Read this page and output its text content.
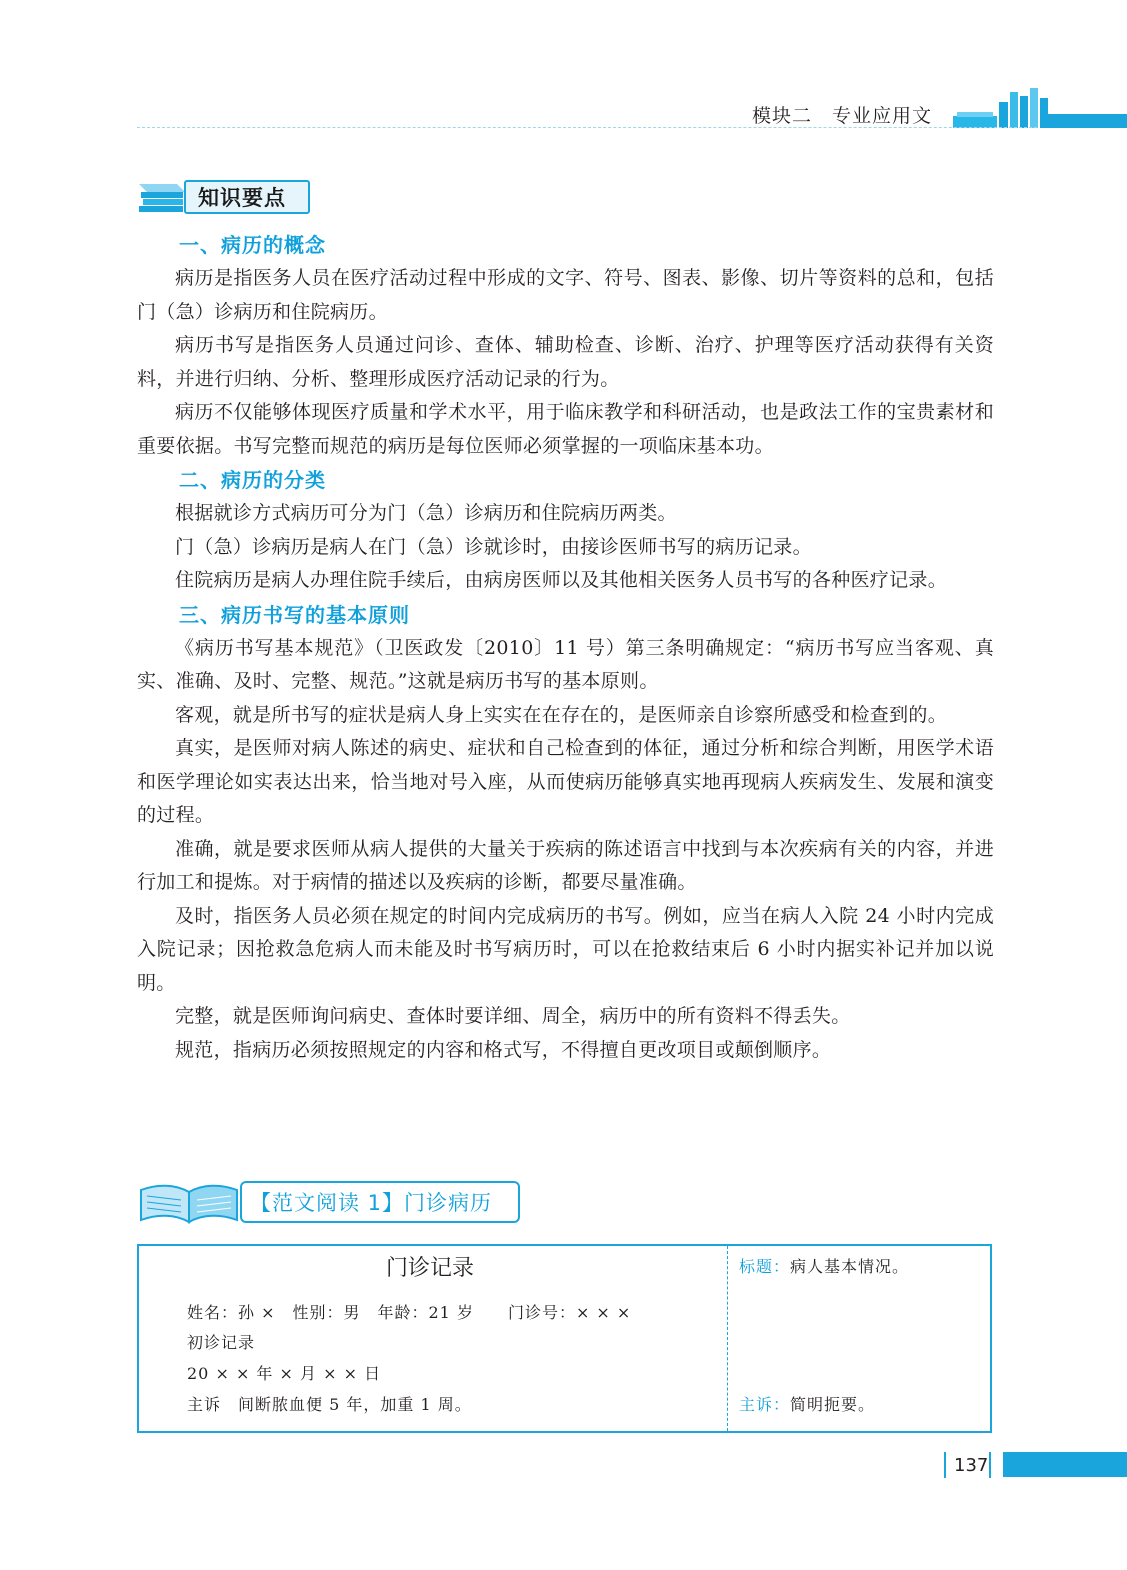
模块二　专业应用文
知识要点
一、病历的概念

病历是指医务人员在医疗活动过程中形成的文字、符号、图表、影像、切片等资料的总和，包括门（急）诊病历和住院病历。

病历书写是指医务人员通过问诊、查体、辅助检查、诊断、治疗、护理等医疗活动获得有关资料，并进行归纳、分析、整理形成医疗活动记录的行为。

病历不仅能够体现医疗质量和学术水平，用于临床教学和科研活动，也是政法工作的宝贵素材和重要依据。书写完整而规范的病历是每位医师必须掌握的一项临床基本功。

二、病历的分类

根据就诊方式病历可分为门（急）诊病历和住院病历两类。

门（急）诊病历是病人在门（急）诊就诊时，由接诊医师书写的病历记录。

住院病历是病人办理住院手续后，由病房医师以及其他相关医务人员书写的各种医疗记录。

三、病历书写的基本原则

《病历书写基本规范》（卫医政发〔2010〕11 号）第三条明确规定：“病历书写应当客观、真实、准确、及时、完整、规范。”这就是病历书写的基本原则。

客观，就是所书写的症状是病人身上实实在在存在的，是医师亲自诊察所感受和检查到的。

真实，是医师对病人陈述的病史、症状和自己检查到的体征，通过分析和综合判断，用医学术语和医学理论如实表达出来，恰当地对号入座，从而使病历能够真实地再现病人疾病发生、发展和演变的过程。

准确，就是要求医师从病人提供的大量关于疾病的陈述语言中找到与本次疾病有关的内容，并进行加工和提炼。对于病情的描述以及疾病的诊断，都要尽量准确。

及时，指医务人员必须在规定的时间内完成病历的书写。例如，应当在病人入院 24 小时内完成入院记录；因抢救急危病人而未能及时书写病历时，可以在抢救结束后 6 小时内据实补记并加以说明。

完整，就是医师询问病史、查体时要详细、周全，病历中的所有资料不得丢失。

规范，指病历必须按照规定的内容和格式写，不得擅自更改项目或颠倒顺序。

【范文阅读 1】门诊病历
门诊记录
姓名：孙 ×　性别：男　年龄：21 岁　　门诊号：× × ×
初诊记录
20 × × 年 × 月 × × 日
主诉　间断脓血便 5 年，加重 1 周。
标题：病人基本情况。
主诉：简明扼要。
137
